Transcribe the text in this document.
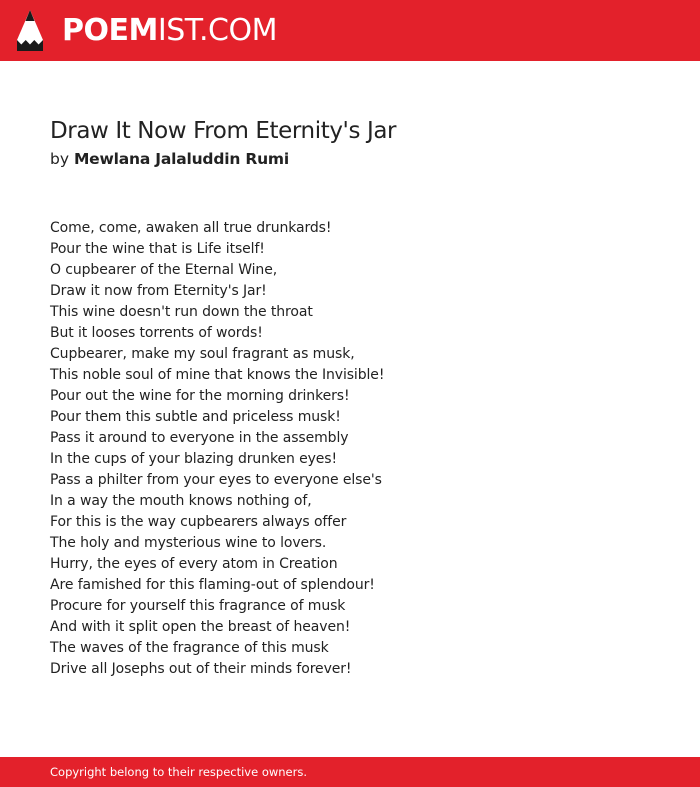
POEMIST.COM
Draw It Now From Eternity's Jar
by Mewlana Jalaluddin Rumi
Come, come, awaken all true drunkards!
Pour the wine that is Life itself!
O cupbearer of the Eternal Wine,
Draw it now from Eternity's Jar!
This wine doesn't run down the throat
But it looses torrents of words!
Cupbearer, make my soul fragrant as musk,
This noble soul of mine that knows the Invisible!
Pour out the wine for the morning drinkers!
Pour them this subtle and priceless musk!
Pass it around to everyone in the assembly
In the cups of your blazing drunken eyes!
Pass a philter from your eyes to everyone else's
In a way the mouth knows nothing of,
For this is the way cupbearers always offer
The holy and mysterious wine to lovers.
Hurry, the eyes of every atom in Creation
Are famished for this flaming-out of splendour!
Procure for yourself this fragrance of musk
And with it split open the breast of heaven!
The waves of the fragrance of this musk
Drive all Josephs out of their minds forever!
Copyright belong to their respective owners.
